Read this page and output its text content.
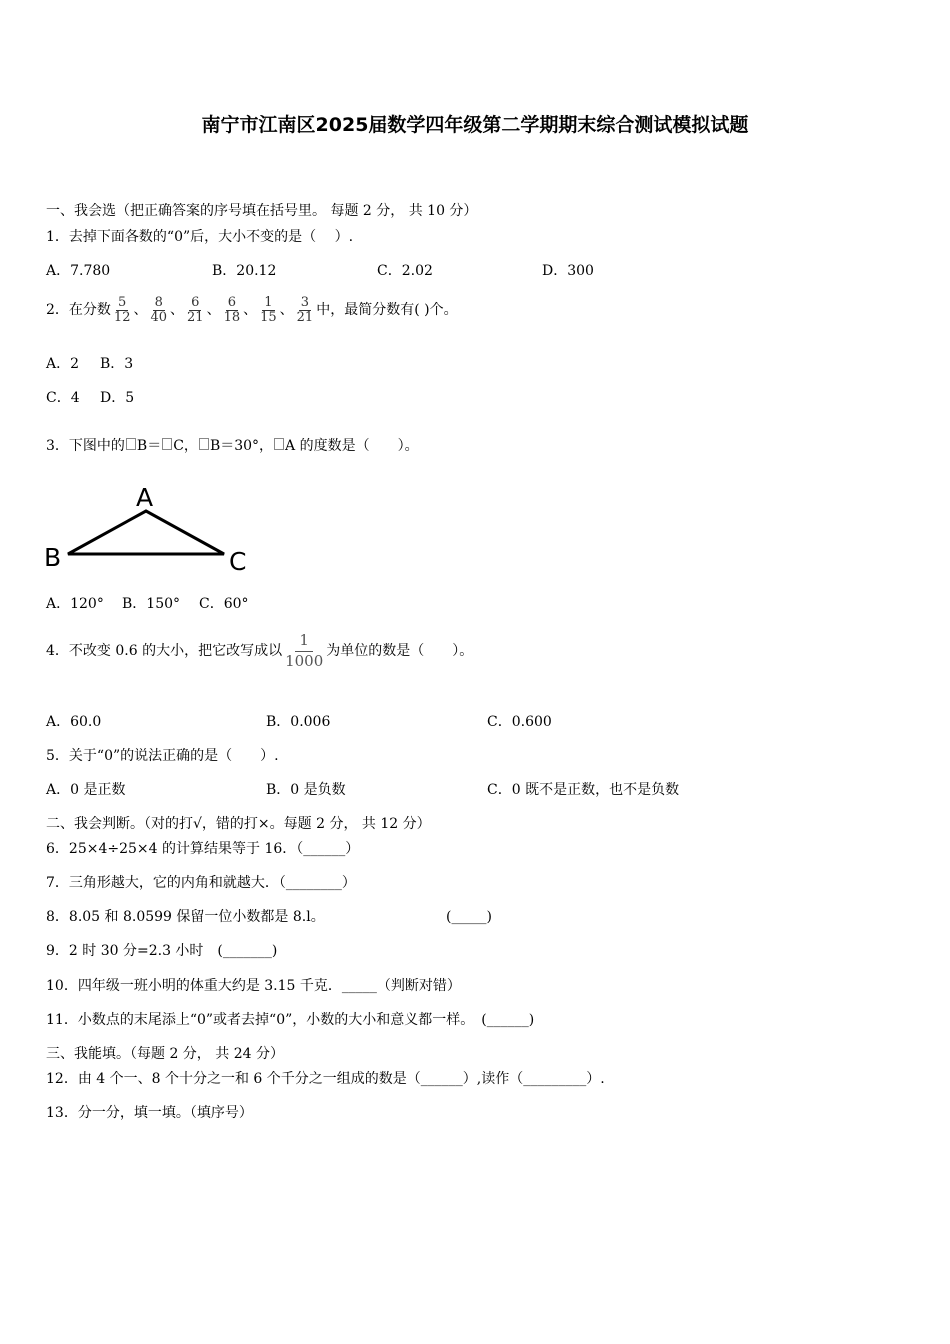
南宁市江南区2025届数学四年级第二学期期末综合测试模拟试题
一、我会选（把正确答案的序号填在括号里。 每题 2 分， 共 10 分）
1．去掉下面各数的“0”后，大小不变的是（　 ）.
A．7.780	B．20.12	C．2.02	D．300
2．在分数 $\frac{5}{12}$ 、 $\frac{8}{40}$ 、 $\frac{6}{21}$ 、 $\frac{6}{18}$ 、 $\frac{1}{15}$ 、 $\frac{3}{21}$ 中，最简分数有( )个。
A．2 B．3
C．4 D．5
3．下图中的 B＝ C， B＝30°， A 的度数是（　　）。
A
B	C
A．120° B．150° C．60°
4．不改变 0.6 的大小，把它改写成以 $\frac{1}{1000}$ 为单位的数是（　　）。
A．60.0	B．0.006	C．0.600
5．关于“0”的说法正确的是（　　）.
A．0 是正数	B．0 是负数	C．0 既不是正数，也不是负数
二、我会判断。（对的打√，错的打×。每题 2 分， 共 12 分）
6．25×4÷25×4 的计算结果等于 16．（______）
7．三角形越大，它的内角和就越大．（________）
8．8.05 和 8.0599 保留一位小数都是 8.l。	(_____)
9．2 时 30 分=2.3 小时　(_______)
10．四年级一班小明的体重大约是 3.15 千克．_____（判断对错）
11．小数点的末尾添上“0”或者去掉“0”，小数的大小和意义都一样。　(______)
三、我能填。（每题 2 分， 共 24 分）
12．由 4 个一、8 个十分之一和 6 个千分之一组成的数是（______）,读作（_________）.
13．分一分，填一填。（填序号）
